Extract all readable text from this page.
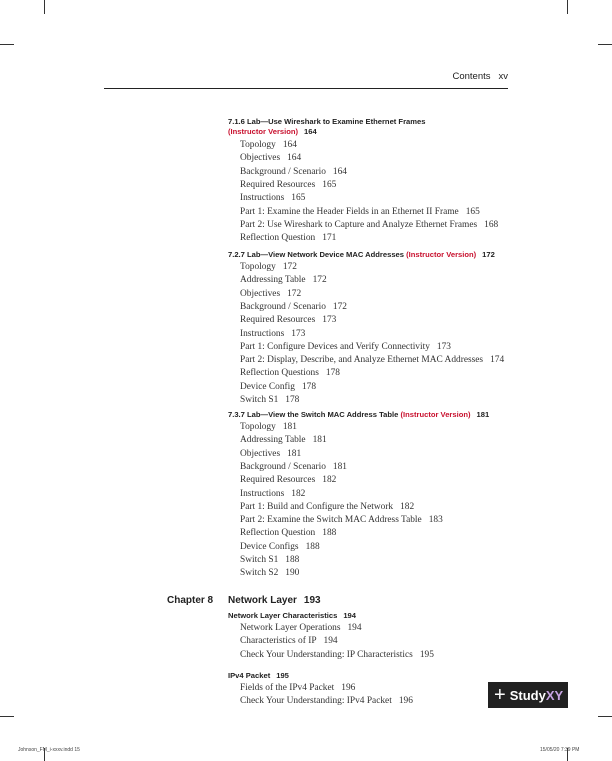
Contents xv
7.1.6 Lab—Use Wireshark to Examine Ethernet Frames
(Instructor Version) 164
7.2.7 Lab—View Network Device MAC Addresses (Instructor Version) 172
7.3.7 Lab—View the Switch MAC Address Table (Instructor Version) 181
Chapter 8 Network Layer 193
Network Layer Characteristics 194
IPv4 Packet 195
Topology 164
Objectives 164
Background / Scenario 164
Required Resources 165
Instructions 165
Part 1: Examine the Header Fields in an Ethernet II Frame 165
Part 2: Use Wireshark to Capture and Analyze Ethernet Frames 168
Reflection Question 171
Topology 172
Addressing Table 172
Objectives 172
Background / Scenario 172
Required Resources 173
Instructions 173
Part 1: Configure Devices and Verify Connectivity 173
Part 2: Display, Describe, and Analyze Ethernet MAC Addresses 174
Reflection Questions 178
Device Config 178
Switch S1 178
Topology 181
Addressing Table 181
Objectives 181
Background / Scenario 181
Required Resources 182
Instructions 182
Part 1: Build and Configure the Network 182
Part 2: Examine the Switch MAC Address Table 183
Reflection Question 188
Device Configs 188
Switch S1 188
Switch S2 190
Network Layer Operations 194
Characteristics of IP 194
Check Your Understanding: IP Characteristics 195
Fields of the IPv4 Packet 196
Check Your Understanding: IPv4 Packet 196	+ Study XY
Johnson_FM_i-xxxv.indd 15	15/05/20 7:39 PM
